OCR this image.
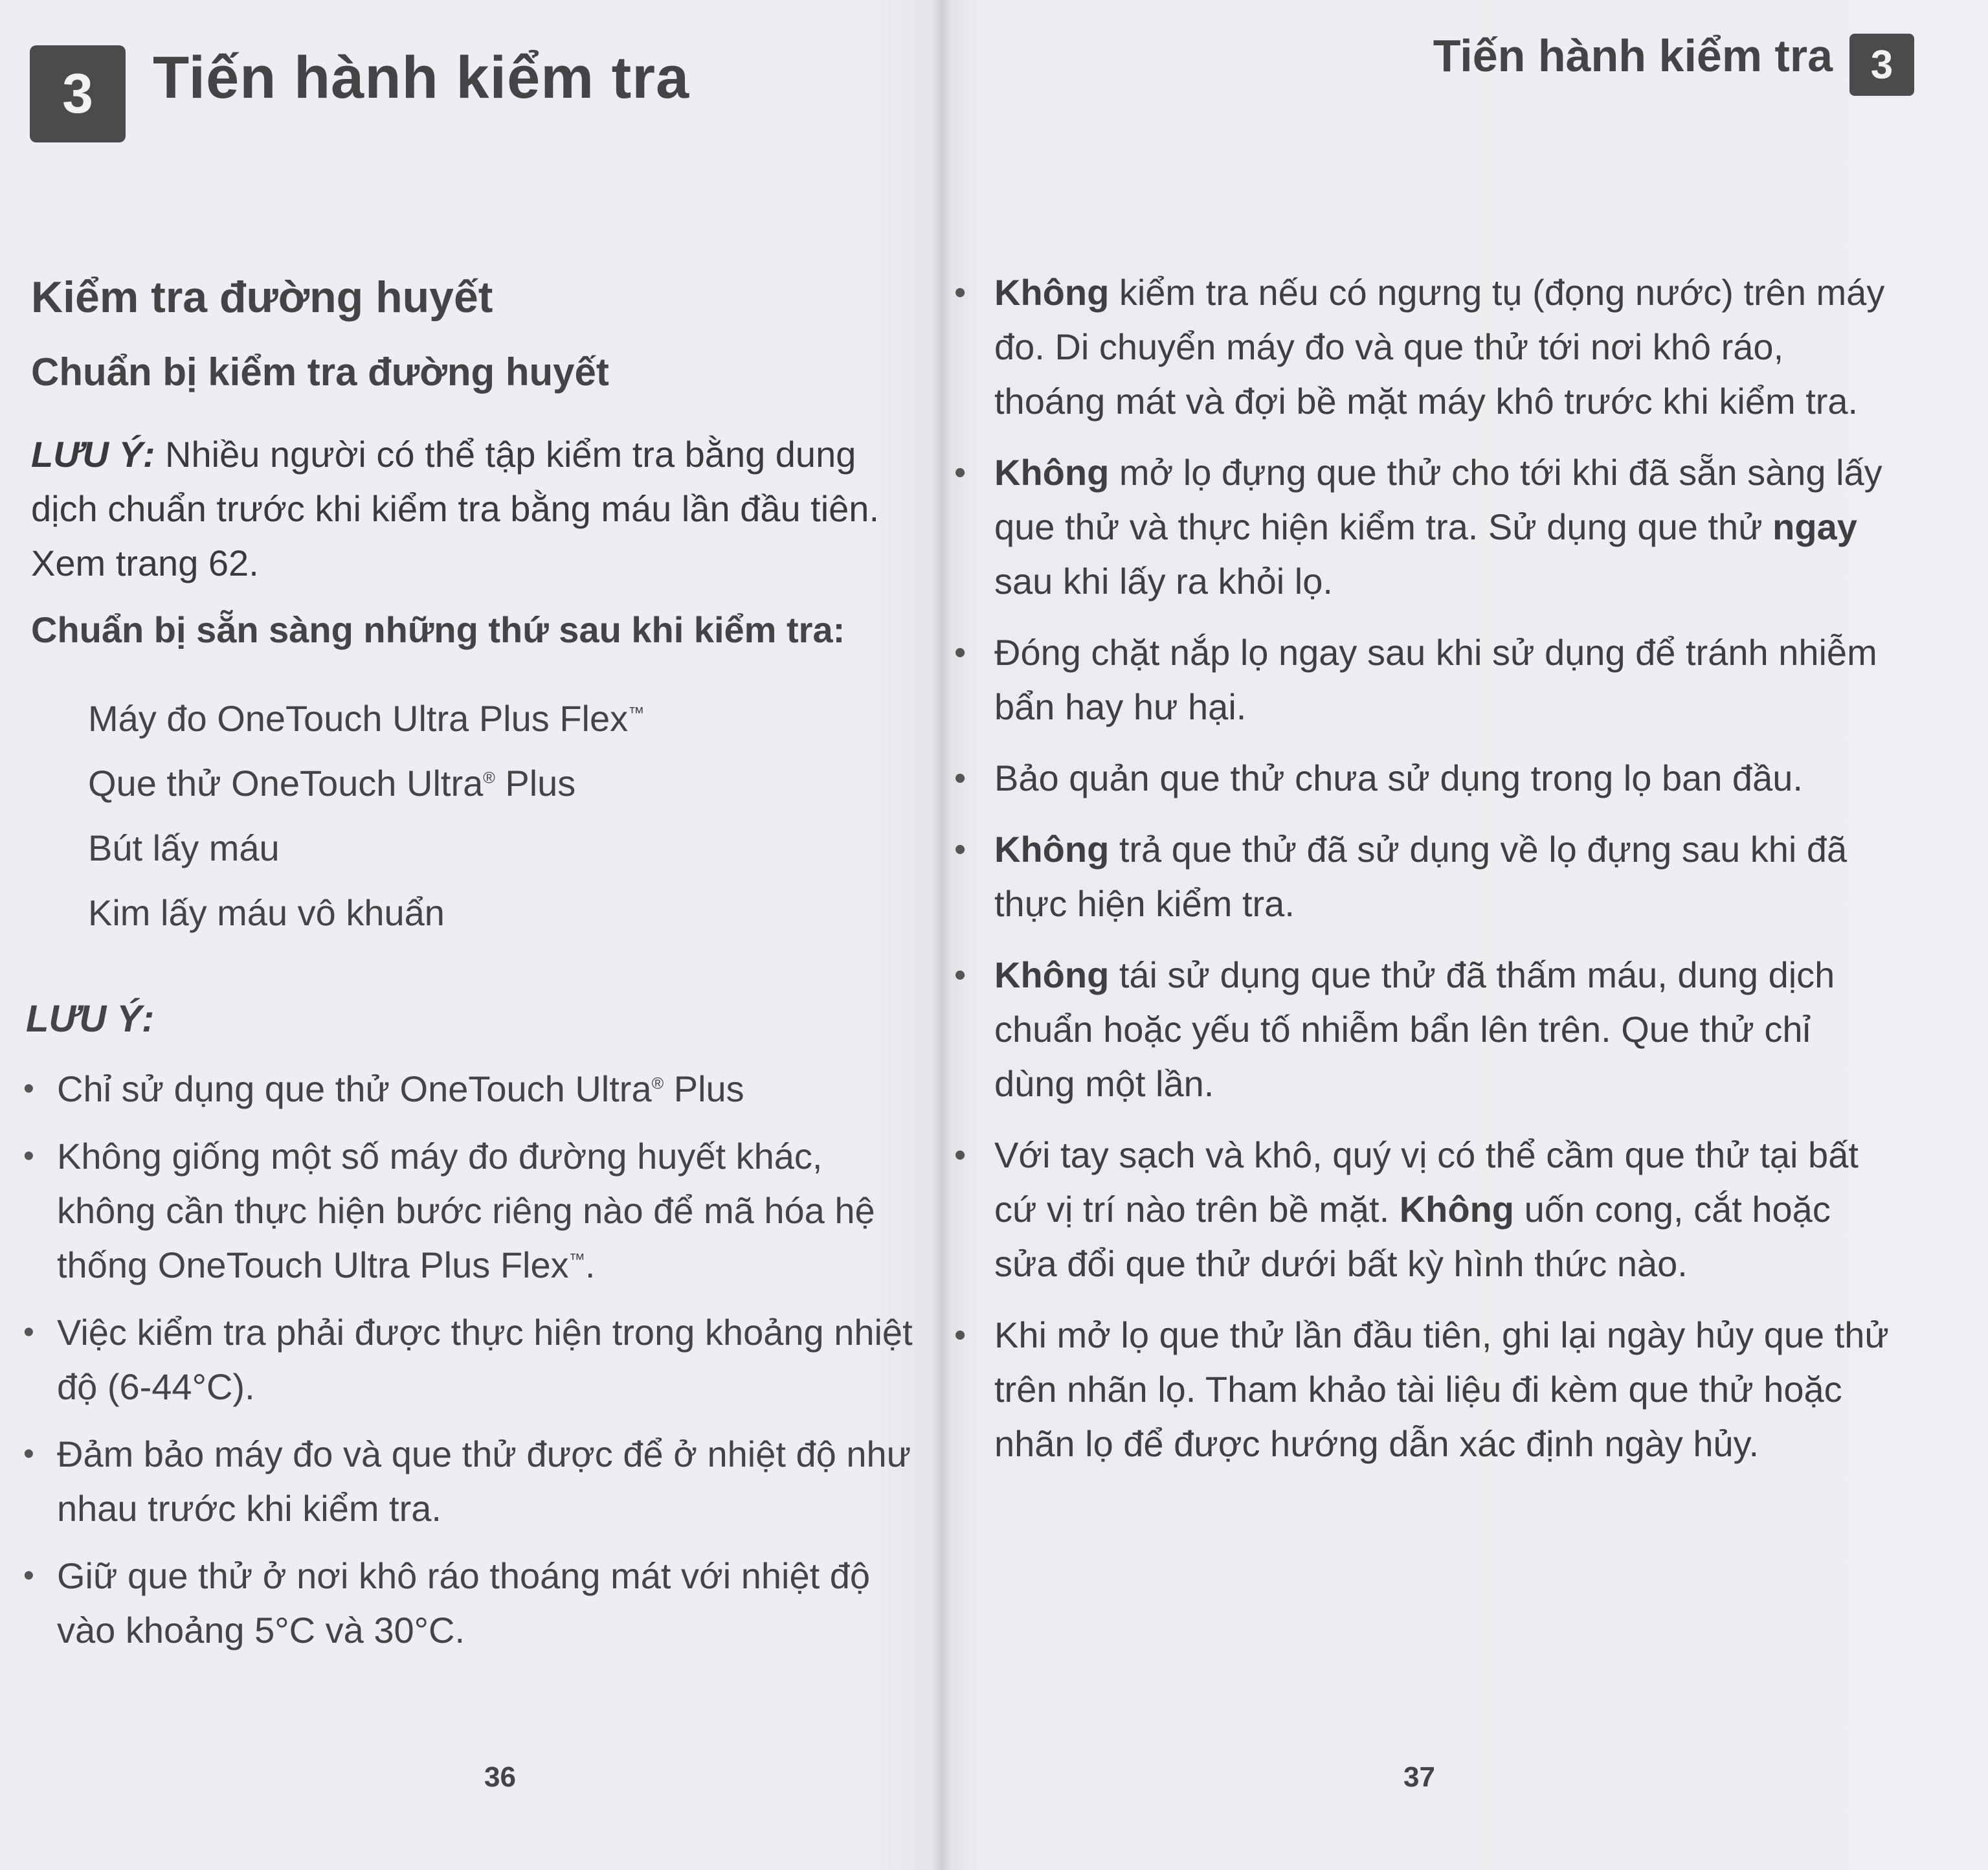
3 Tiến hành kiểm tra
Kiểm tra đường huyết
Chuẩn bị kiểm tra đường huyết
LƯU Ý: Nhiều người có thể tập kiểm tra bằng dung dịch chuẩn trước khi kiểm tra bằng máu lần đầu tiên. Xem trang 62.
Chuẩn bị sẵn sàng những thứ sau khi kiểm tra:
Máy đo OneTouch Ultra Plus Flex™
Que thử OneTouch Ultra® Plus
Bút lấy máu
Kim lấy máu vô khuẩn
LƯU Ý:
• Chỉ sử dụng que thử OneTouch Ultra® Plus
• Không giống một số máy đo đường huyết khác, không cần thực hiện bước riêng nào để mã hóa hệ thống OneTouch Ultra Plus Flex™.
• Việc kiểm tra phải được thực hiện trong khoảng nhiệt độ (6-44°C).
• Đảm bảo máy đo và que thử được để ở nhiệt độ như nhau trước khi kiểm tra.
• Giữ que thử ở nơi khô ráo thoáng mát với nhiệt độ vào khoảng 5°C và 30°C.
36
Tiến hành kiểm tra 3
• Không kiểm tra nếu có ngưng tụ (đọng nước) trên máy đo. Di chuyển máy đo và que thử tới nơi khô ráo, thoáng mát và đợi bề mặt máy khô trước khi kiểm tra.
• Không mở lọ đựng que thử cho tới khi đã sẵn sàng lấy que thử và thực hiện kiểm tra. Sử dụng que thử ngay sau khi lấy ra khỏi lọ.
• Đóng chặt nắp lọ ngay sau khi sử dụng để tránh nhiễm bẩn hay hư hại.
• Bảo quản que thử chưa sử dụng trong lọ ban đầu.
• Không trả que thử đã sử dụng về lọ đựng sau khi đã thực hiện kiểm tra.
• Không tái sử dụng que thử đã thấm máu, dung dịch chuẩn hoặc yếu tố nhiễm bẩn lên trên. Que thử chỉ dùng một lần.
• Với tay sạch và khô, quý vị có thể cầm que thử tại bất cứ vị trí nào trên bề mặt. Không uốn cong, cắt hoặc sửa đổi que thử dưới bất kỳ hình thức nào.
• Khi mở lọ que thử lần đầu tiên, ghi lại ngày hủy que thử trên nhãn lọ. Tham khảo tài liệu đi kèm que thử hoặc nhãn lọ để được hướng dẫn xác định ngày hủy.
37
